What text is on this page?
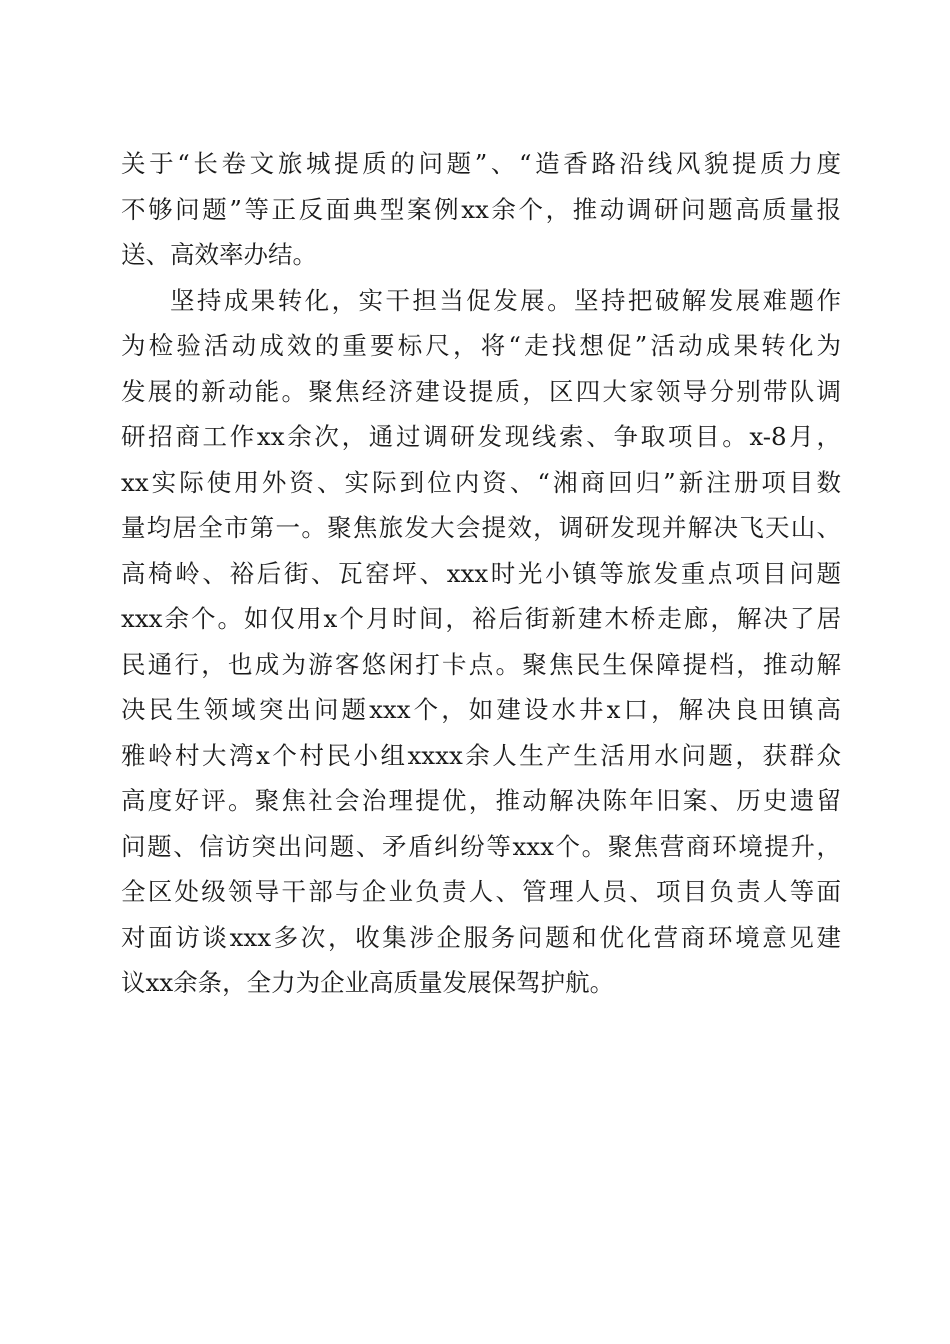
关于“长卷文旅城提质的问题”、“造香路沿线风貌提质力度
不够问题”等正反面典型案例xx余个，推动调研问题高质量报
送、高效率办结。
坚持成果转化，实干担当促发展。坚持把破解发展难题作
为检验活动成效的重要标尺，将“走找想促”活动成果转化为
发展的新动能。聚焦经济建设提质，区四大家领导分别带队调
研招商工作xx余次，通过调研发现线索、争取项目。x-8月，
xx实际使用外资、实际到位内资、“湘商回归”新注册项目数
量均居全市第一。聚焦旅发大会提效，调研发现并解决飞天山、
高椅岭、裕后街、瓦窑坪、xxx时光小镇等旅发重点项目问题
xxx余个。如仅用x个月时间，裕后街新建木桥走廊，解决了居
民通行，也成为游客悠闲打卡点。聚焦民生保障提档，推动解
决民生领域突出问题xxx个，如建设水井x口，解决良田镇高
雅岭村大湾x个村民小组xxxx余人生产生活用水问题，获群众
高度好评。聚焦社会治理提优，推动解决陈年旧案、历史遗留
问题、信访突出问题、矛盾纠纷等xxx个。聚焦营商环境提升，
全区处级领导干部与企业负责人、管理人员、项目负责人等面
对面访谈xxx多次，收集涉企服务问题和优化营商环境意见建
议xx余条，全力为企业高质量发展保驾护航。
